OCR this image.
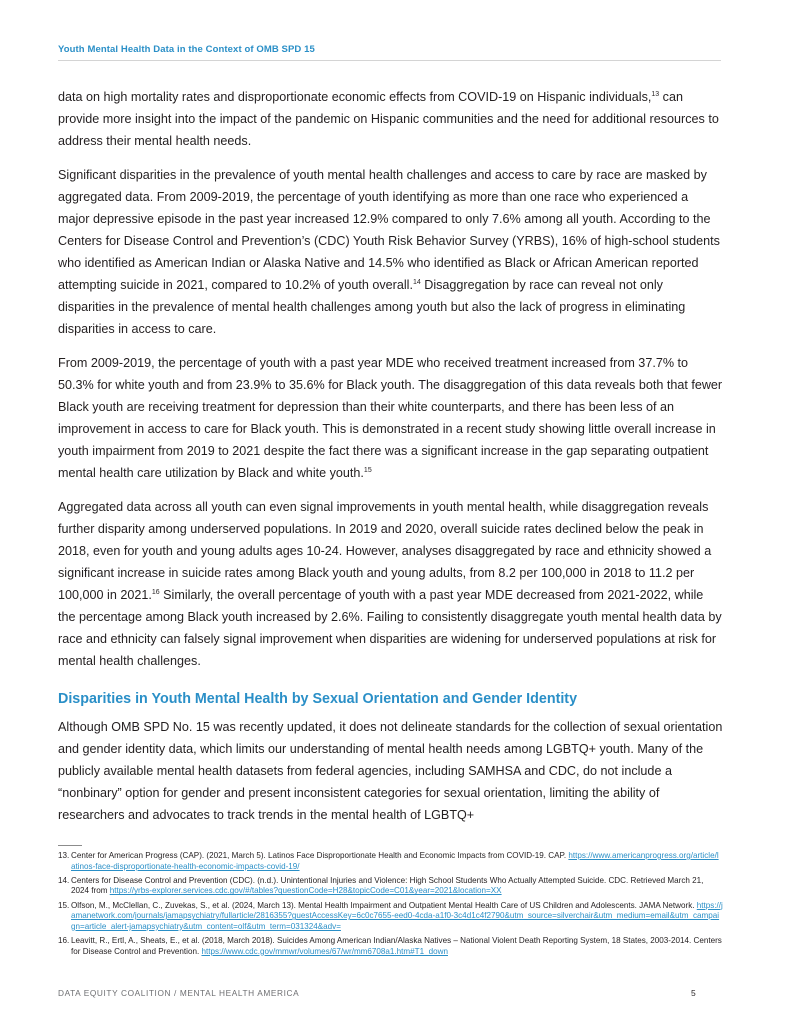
Youth Mental Health Data in the Context of OMB SPD 15

data on high mortality rates and disproportionate economic effects from COVID-19 on Hispanic individuals,$^{13}$ can provide more insight into the impact of the pandemic on Hispanic communities and the need for additional resources to address their mental health needs.

Significant disparities in the prevalence of youth mental health challenges and access to care by race are masked by aggregated data. From 2009-2019, the percentage of youth identifying as more than one race who experienced a major depressive episode in the past year increased 12.9% compared to only 7.6% among all youth. According to the Centers for Disease Control and Prevention’s (CDC) Youth Risk Behavior Survey (YRBS), 16% of high-school students who identified as American Indian or Alaska Native and 14.5% who identified as Black or African American reported attempting suicide in 2021, compared to 10.2% of youth overall.$^{14}$ Disaggregation by race can reveal not only disparities in the prevalence of mental health challenges among youth but also the lack of progress in eliminating disparities in access to care.

From 2009-2019, the percentage of youth with a past year MDE who received treatment increased from 37.7% to 50.3% for white youth and from 23.9% to 35.6% for Black youth. The disaggregation of this data reveals both that fewer Black youth are receiving treatment for depression than their white counterparts, and there has been less of an improvement in access to care for Black youth. This is demonstrated in a recent study showing little overall increase in youth impairment from 2019 to 2021 despite the fact there was a significant increase in the gap separating outpatient mental health care utilization by Black and white youth.$^{15}$

Aggregated data across all youth can even signal improvements in youth mental health, while disaggregation reveals further disparity among underserved populations. In 2019 and 2020, overall suicide rates declined below the peak in 2018, even for youth and young adults ages 10-24. However, analyses disaggregated by race and ethnicity showed a significant increase in suicide rates among Black youth and young adults, from 8.2 per 100,000 in 2018 to 11.2 per 100,000 in 2021.16 Similarly, the overall percentage of youth with a past year MDE decreased from 2021-2022, while the percentage among Black youth increased by 2.6%. Failing to consistently disaggregate youth mental health data by race and ethnicity can falsely signal improvement when disparities are widening for underserved populations at risk for mental health challenges.

Disparities in Youth Mental Health by Sexual Orientation and Gender Identity

Although OMB SPD No. 15 was recently updated, it does not delineate standards for the collection of sexual orientation and gender identity data, which limits our understanding of mental health needs among LGBTQ+ youth. Many of the publicly available mental health datasets from federal agencies, including SAMHSA and CDC, do not include a “nonbinary” option for gender and present inconsistent categories for sexual orientation, limiting the ability of researchers and advocates to track trends in the mental health of LGBTQ+

13. Center for American Progress (CAP). (2021, March 5). Latinos Face Disproportionate Health and Economic Impacts from COVID-19. CAP. https://www.americanprogress.org/article/latinos-face-disproportionate-health-economic-impacts-covid-19/
14. Centers for Disease Control and Prevention (CDC). (n.d.). Unintentional Injuries and Violence: High School Students Who Actually Attempted Suicide. CDC. Retrieved March 21, 2024 from https://yrbs-explorer.services.cdc.gov/#/tables?questionCode=H28&topicCode=C01&year=2021&location=XX
15. Olfson, M., McClellan, C., Zuvekas, S., et al. (2024, March 13). Mental Health Impairment and Outpatient Mental Health Care of US Children and Adolescents. JAMA Network. https://jamanetwork.com/journals/jamapsychiatry/fullarticle/2816355?guestAccessKey=6c0c7655-eed0-4cda-a1f0-3c4d1c4f2790&utm_source=silverchair&utm_medium=email&utm_campaign=article_alert-jamapsychiatry&utm_content=olf&utm_term=031324&adv=
16. Leavitt, R., Ertl, A., Sheats, E., et al. (2018, March 2018). Suicides Among American Indian/Alaska Natives – National Violent Death Reporting System, 18 States, 2003-2014. Centers for Disease Control and Prevention. https://www.cdc.gov/mmwr/volumes/67/wr/mm6708a1.htm#T1_down
DATA EQUITY COALITION / MENTAL HEALTH AMERICA	5
